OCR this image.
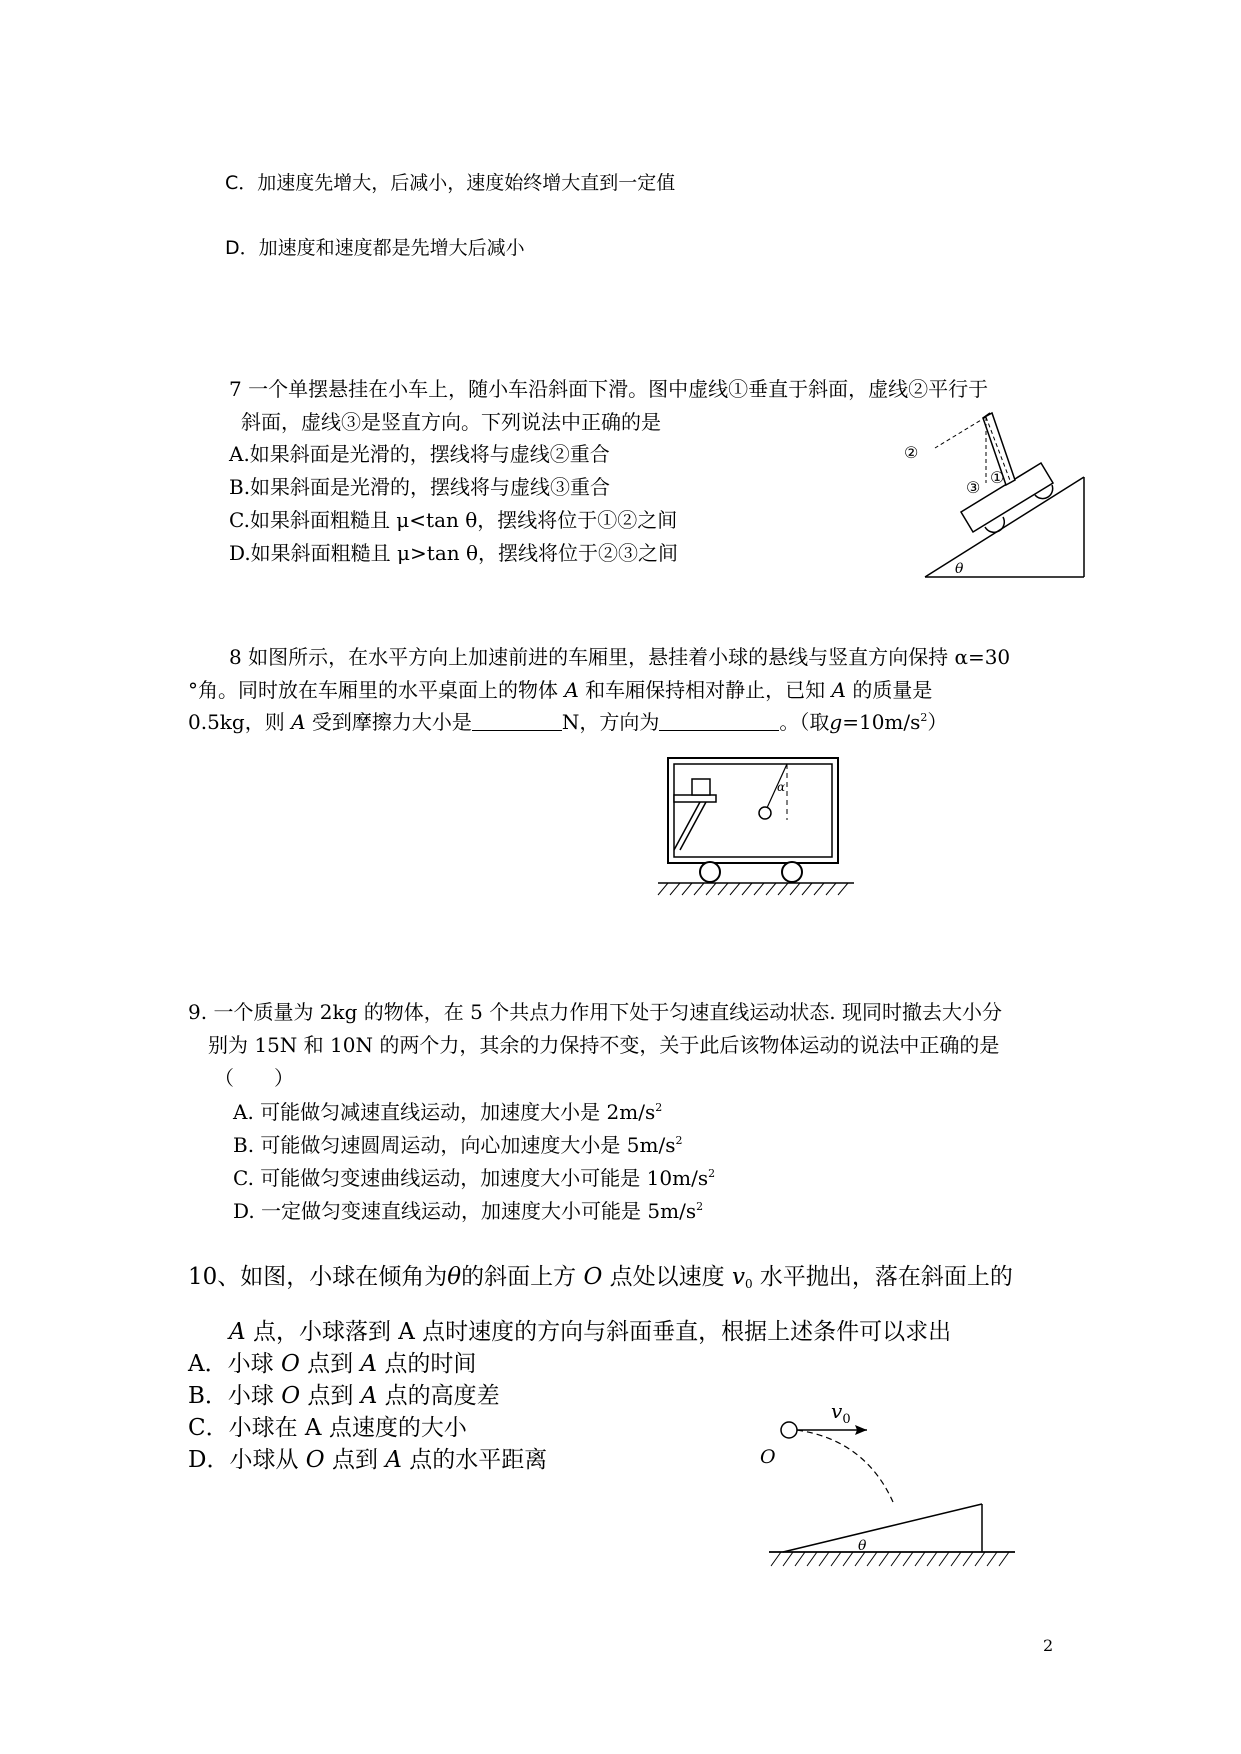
C．加速度先增大，后减小，速度始终增大直到一定值
D．加速度和速度都是先增大后减小
7 一个单摆悬挂在小车上，随小车沿斜面下滑。图中虚线①垂直于斜面，虚线②平行于
斜面，虚线③是竖直方向。下列说法中正确的是
A.如果斜面是光滑的，摆线将与虚线②重合
B.如果斜面是光滑的，摆线将与虚线③重合
C.如果斜面粗糙且 μ<tan θ，摆线将位于①②之间
D.如果斜面粗糙且 μ>tan θ，摆线将位于②③之间
②
③
①
θ
8 如图所示，在水平方向上加速前进的车厢里，悬挂着小球的悬线与竖直方向保持 α=30
°角。同时放在车厢里的水平桌面上的物体 A 和车厢保持相对静止，已知 A 的质量是
0.5kg，则 A 受到摩擦力大小是	N，方向为	。（取$g=10m/s^2$）
α
9. 一个质量为 2kg 的物体，在 5 个共点力作用下处于匀速直线运动状态. 现同时撤去大小分
别为 15N 和 10N 的两个力，其余的力保持不变，关于此后该物体运动的说法中正确的是
（　　）
A. 可能做匀减速直线运动，加速度大小是 $2m/s^2$
B. 可能做匀速圆周运动，向心加速度大小是 $5m/s^2$
C. 可能做匀变速曲线运动，加速度大小可能是 $10m/s^2$
D. 一定做匀变速直线运动，加速度大小可能是 $5m/s^2$
10、如图，小球在倾角为θ的斜面上方 O 点处以速度 $v_0$ 水平抛出，落在斜面上的
A 点，小球落到 A 点时速度的方向与斜面垂直，根据上述条件可以求出
A．小球 O 点到 A 点的时间
B．小球 O 点到 A 点的高度差
C．小球在 A 点速度的大小
D．小球从 O 点到 A 点的水平距离
$v_0$
O
θ
2
